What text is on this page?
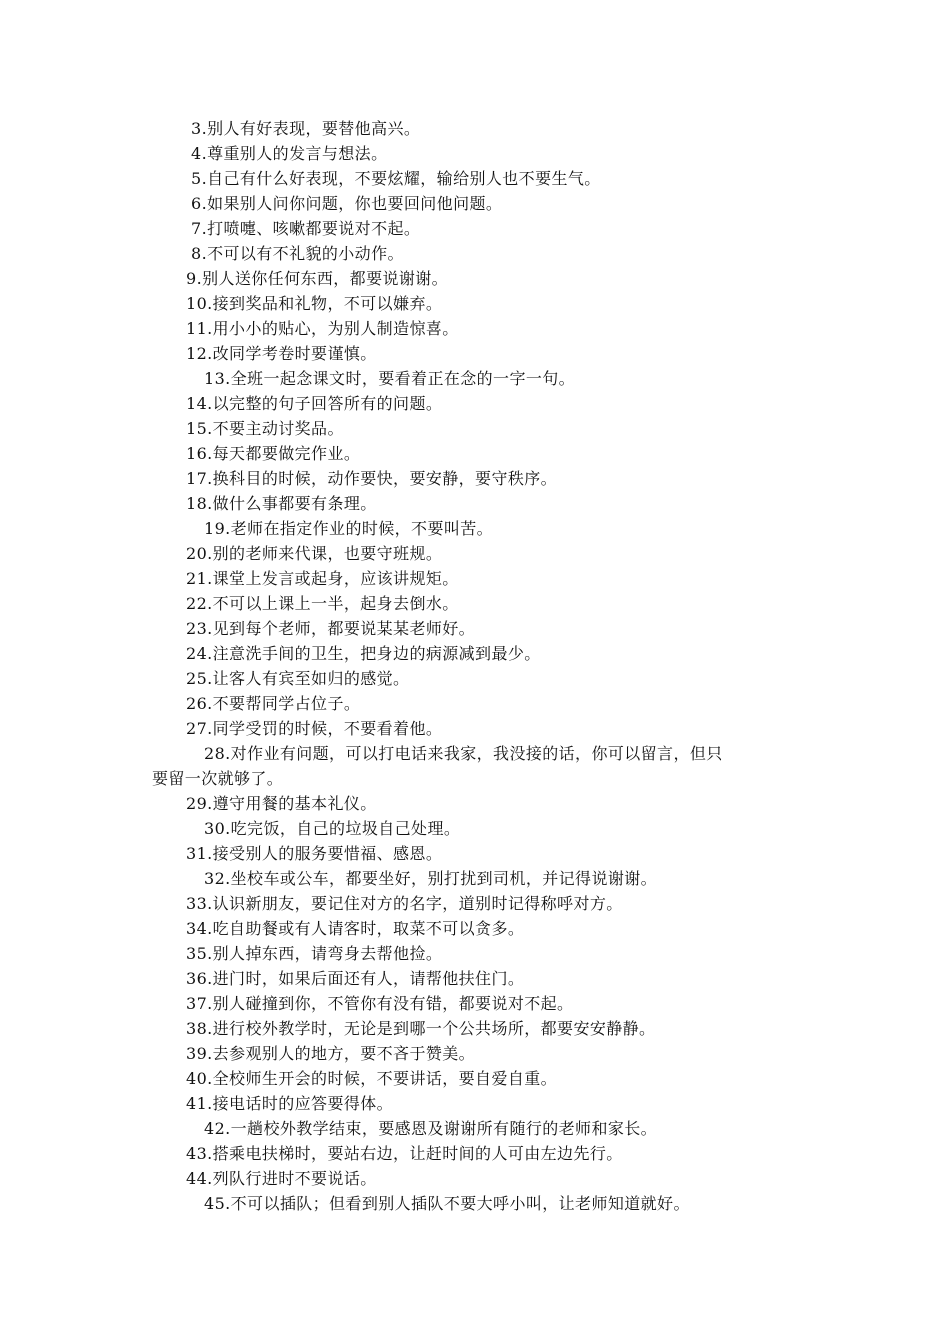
3.别人有好表现，要替他高兴。
4.尊重别人的发言与想法。
5.自己有什么好表现，不要炫耀，输给别人也不要生气。
6.如果别人问你问题，你也要回问他问题。
7.打喷嚏、咳嗽都要说对不起。
8.不可以有不礼貌的小动作。
9.别人送你任何东西，都要说谢谢。
10.接到奖品和礼物，不可以嫌弃。
11.用小小的贴心，为别人制造惊喜。
12.改同学考卷时要谨慎。
13.全班一起念课文时，要看着正在念的一字一句。
14.以完整的句子回答所有的问题。
15.不要主动讨奖品。
16.每天都要做完作业。
17.换科目的时候，动作要快，要安静，要守秩序。
18.做什么事都要有条理。
19.老师在指定作业的时候，不要叫苦。
20.别的老师来代课，也要守班规。
21.课堂上发言或起身，应该讲规矩。
22.不可以上课上一半，起身去倒水。
23.见到每个老师，都要说某某老师好。
24.注意洗手间的卫生，把身边的病源减到最少。
25.让客人有宾至如归的感觉。
26.不要帮同学占位子。
27.同学受罚的时候，不要看着他。
28.对作业有问题，可以打电话来我家，我没接的话，你可以留言，但只
要留一次就够了。
29.遵守用餐的基本礼仪。
30.吃完饭，自己的垃圾自己处理。
31.接受别人的服务要惜福、感恩。
32.坐校车或公车，都要坐好，别打扰到司机，并记得说谢谢。
33.认识新朋友，要记住对方的名字，道别时记得称呼对方。
34.吃自助餐或有人请客时，取菜不可以贪多。
35.别人掉东西，请弯身去帮他捡。
36.进门时，如果后面还有人，请帮他扶住门。
37.别人碰撞到你，不管你有没有错，都要说对不起。
38.进行校外教学时，无论是到哪一个公共场所，都要安安静静。
39.去参观别人的地方，要不吝于赞美。
40.全校师生开会的时候，不要讲话，要自爱自重。
41.接电话时的应答要得体。
42.一趟校外教学结束，要感恩及谢谢所有随行的老师和家长。
43.搭乘电扶梯时，要站右边，让赶时间的人可由左边先行。
44.列队行进时不要说话。
45.不可以插队；但看到别人插队不要大呼小叫，让老师知道就好。
